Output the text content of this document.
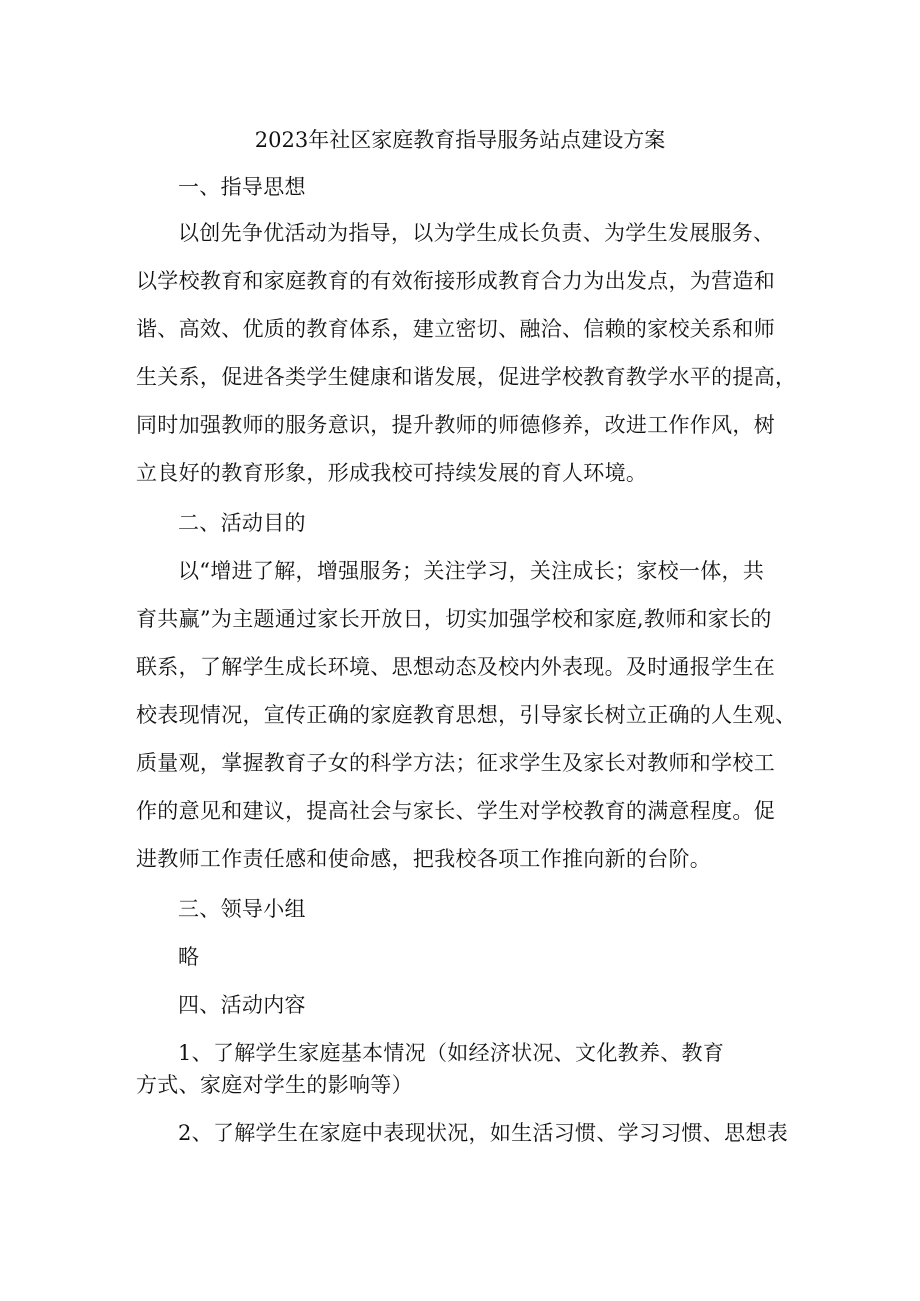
2023年社区家庭教育指导服务站点建设方案
一、指导思想
以创先争优活动为指导，以为学生成长负责、为学生发展服务、
以学校教育和家庭教育的有效衔接形成教育合力为出发点，为营造和
谐、高效、优质的教育体系，建立密切、融洽、信赖的家校关系和师
生关系，促进各类学生健康和谐发展，促进学校教育教学水平的提高，
同时加强教师的服务意识，提升教师的师德修养，改进工作作风，树
立良好的教育形象，形成我校可持续发展的育人环境。
二、活动目的
以“增进了解，增强服务；关注学习，关注成长；家校一体，共
育共赢”为主题通过家长开放日，切实加强学校和家庭,教师和家长的
联系，了解学生成长环境、思想动态及校内外表现。及时通报学生在
校表现情况，宣传正确的家庭教育思想，引导家长树立正确的人生观、
质量观，掌握教育子女的科学方法；征求学生及家长对教师和学校工
作的意见和建议，提高社会与家长、学生对学校教育的满意程度。促
进教师工作责任感和使命感，把我校各项工作推向新的台阶。
三、领导小组
略
四、活动内容
1、了解学生家庭基本情况（如经济状况、文化教养、教育
方式、家庭对学生的影响等）
2、了解学生在家庭中表现状况，如生活习惯、学习习惯、思想表
